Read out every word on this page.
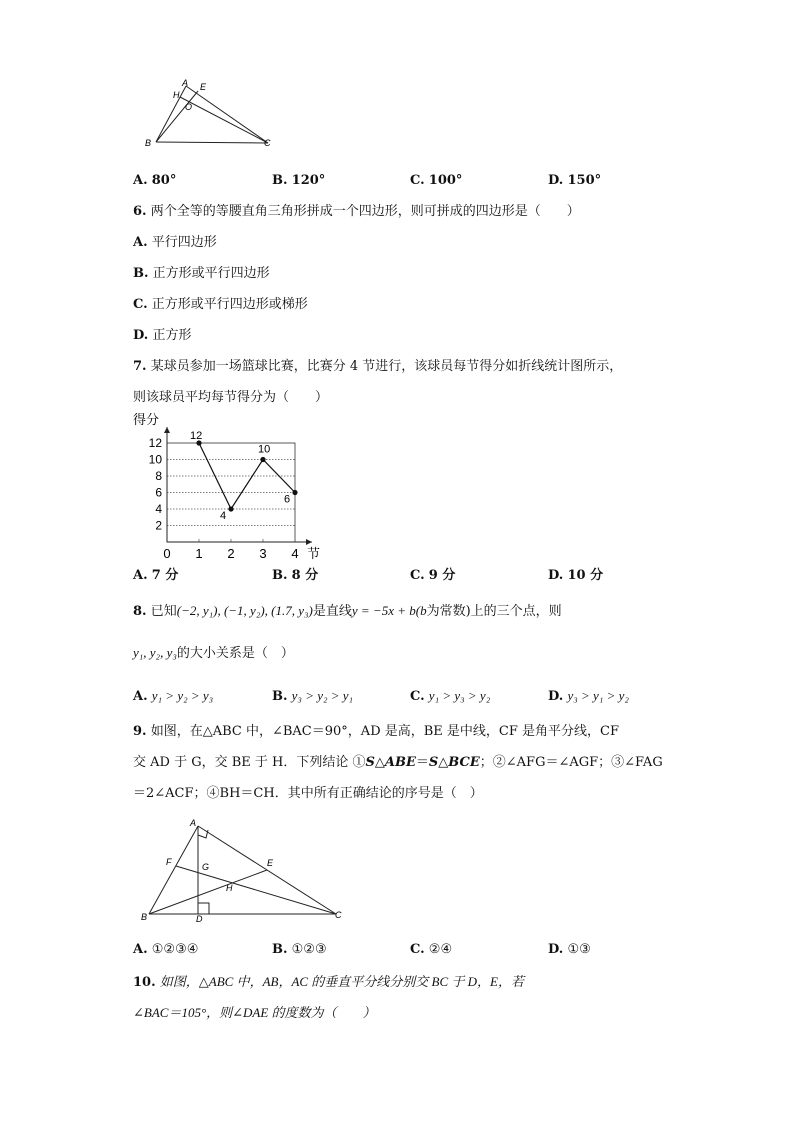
A E
H
O
B	C
A. 80°	B. 120°	C. 100°	D. 150°
6. 两个全等的等腰直角三角形拼成一个四边形，则可拼成的四边形是（　　）
A. 平行四边形
B. 正方形或平行四边形
C. 正方形或平行四边形或梯形
D. 正方形
7. 某球员参加一场篮球比赛，比赛分 4 节进行，该球员每节得分如折线统计图所示，
则该球员平均每节得分为（　　）
得分
节
2
4
6
8
10
12
0 1 2 3 4
12
4
10
6
A. 7 分	B. 8 分	C. 9 分	D. 10 分
8. 已知(−2, y₁), (−1, y₂), (1.7, y₃)是直线y = −5x + b(b为常数)上的三个点，则
y₁, y₂, y₃的大小关系是（　）
A. y₁ > y₂ > y₃	B. y₃ > y₂ > y₁	C. y₁ > y₃ > y₂	D. y₃ > y₁ > y₂
9. 如图，在△ABC 中，∠BAC＝90°，AD 是高，BE 是中线，CF 是角平分线，CF
交 AD 于 G，交 BE 于 H．下列结论 ①S△ABE＝S△BCE；②∠AFG＝∠AGF；③∠FAG
＝2∠ACF；④BH＝CH．其中所有正确结论的序号是（　）
A
B	C
D
E
F	G
H
A. ①②③④	B. ①②③	C. ②④	D. ①③
10. 如图，△ABC 中，AB，AC 的垂直平分线分别交 BC 于 D，E，若
∠BAC＝105°，则∠DAE 的度数为（　　）
